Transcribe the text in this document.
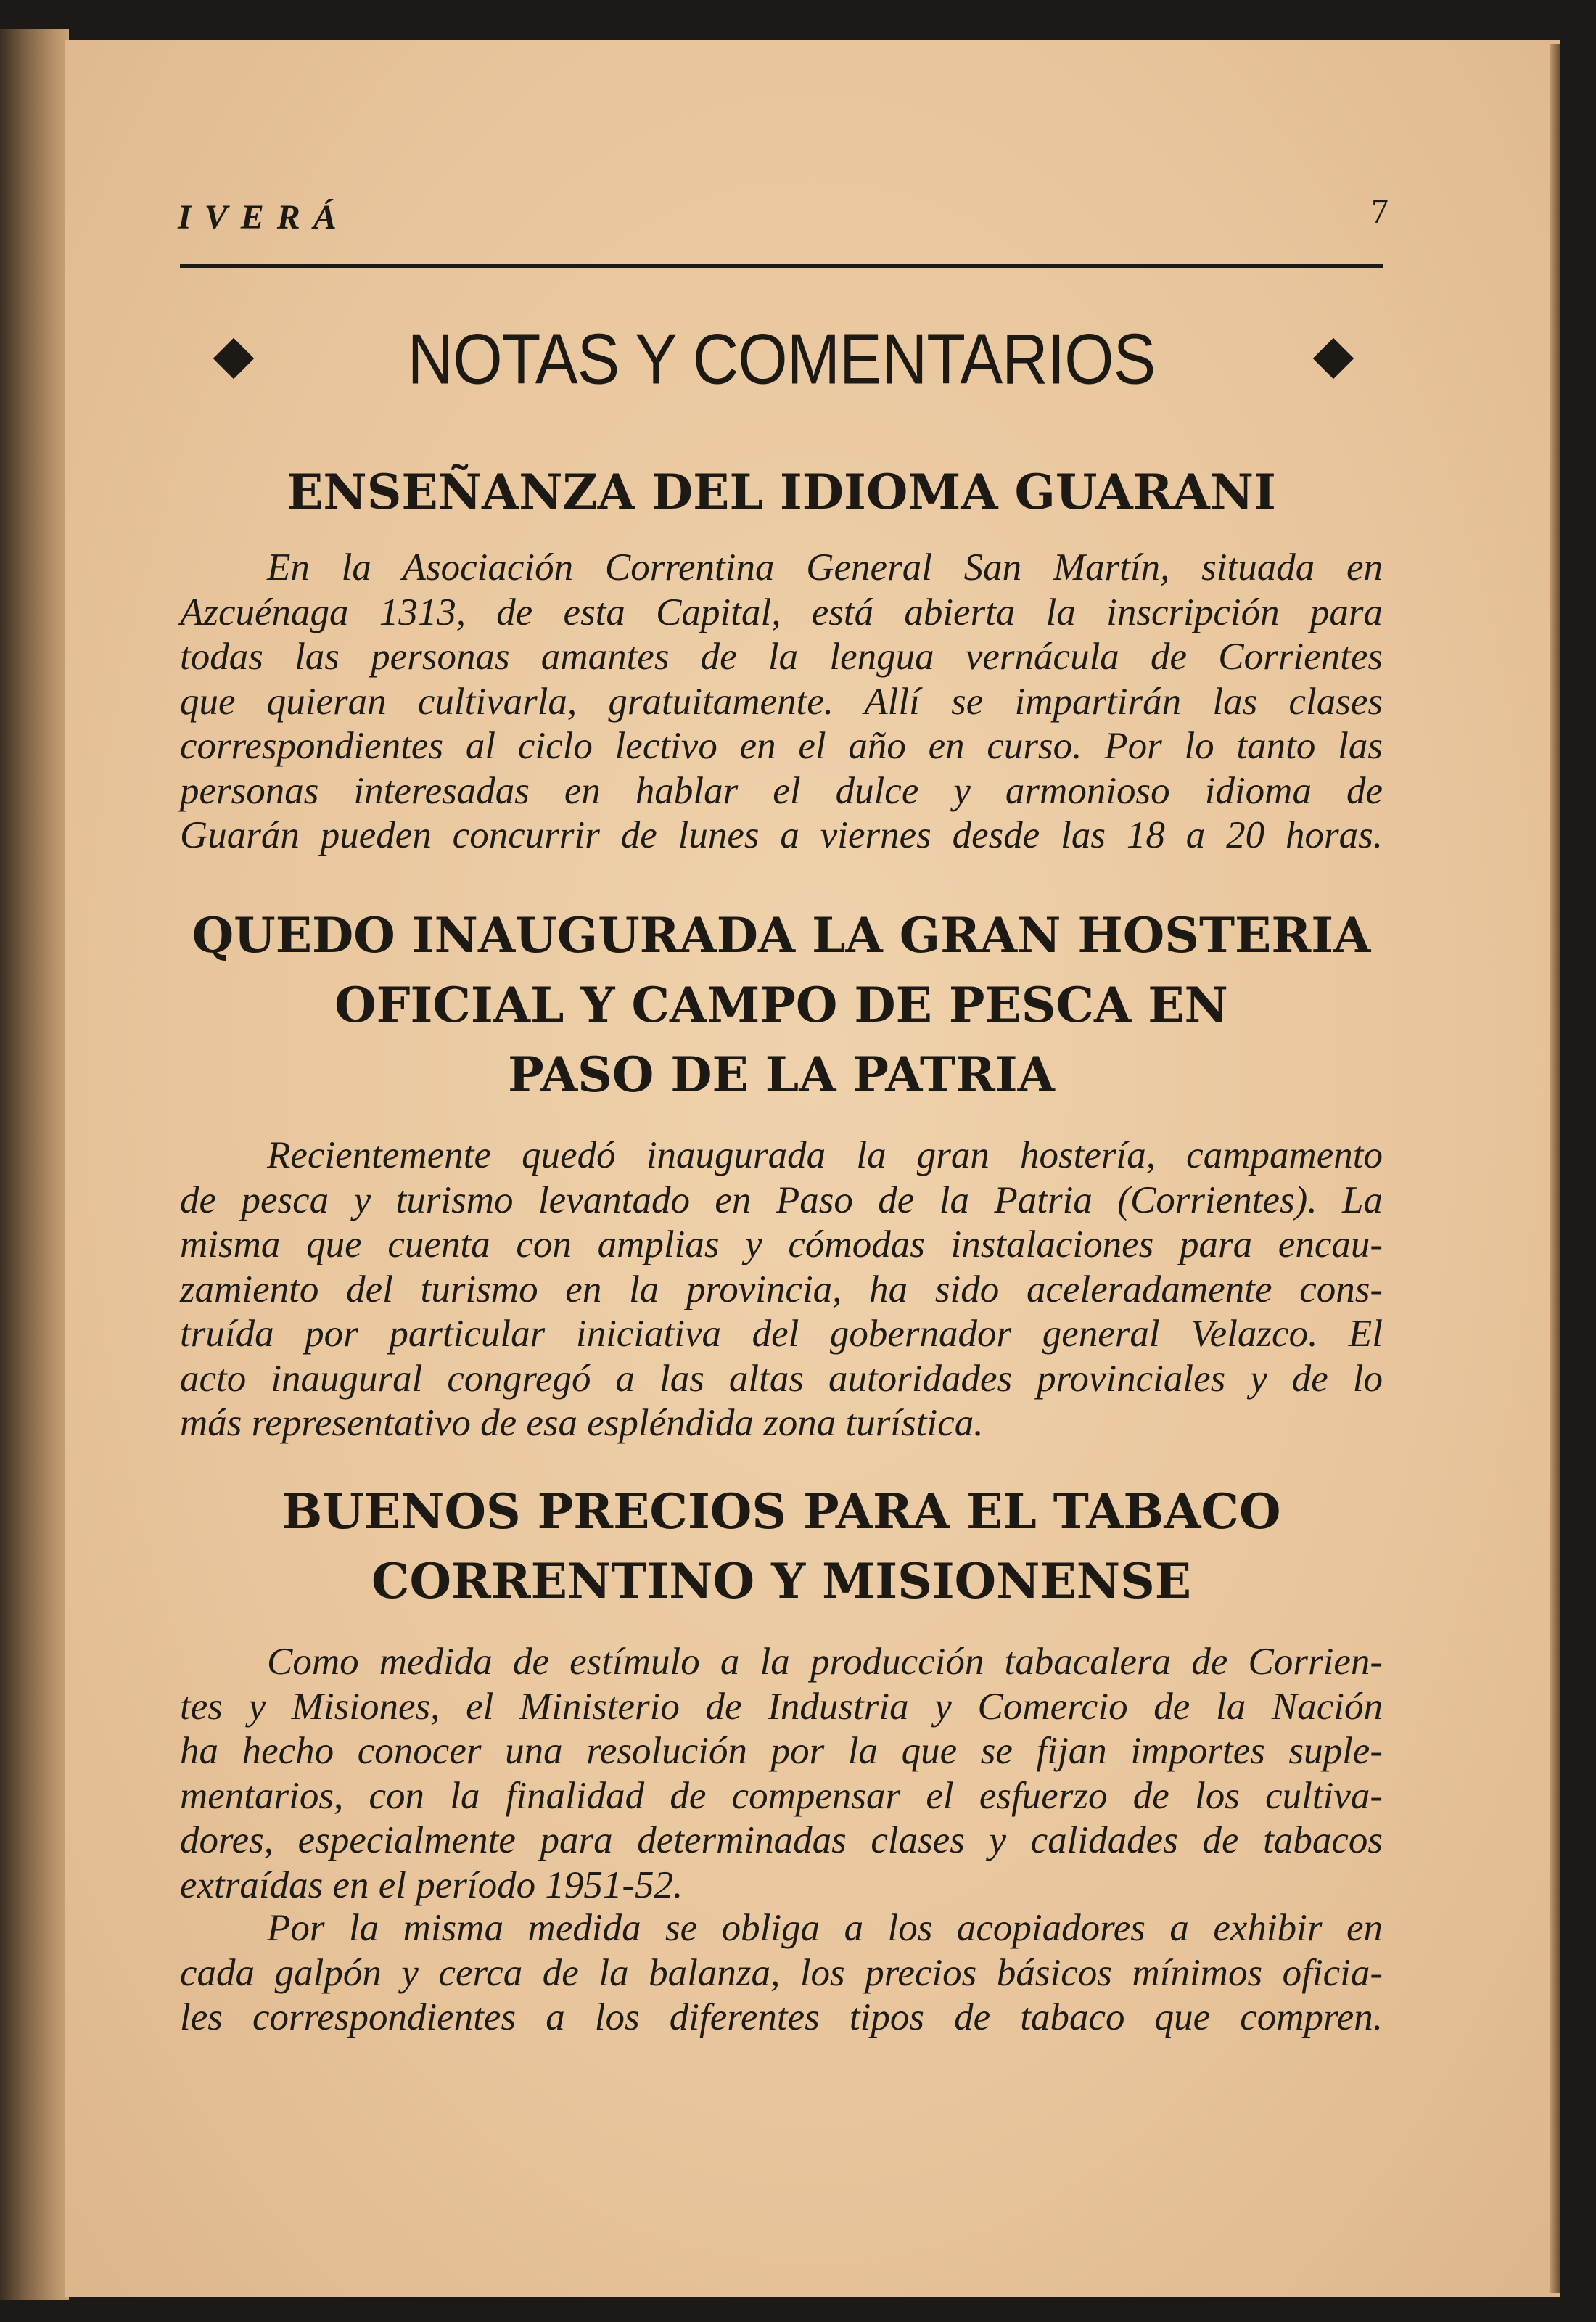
IVERÁ	7
NOTAS Y COMENTARIOS
ENSEÑANZA DEL IDIOMA GUARANI
En la Asociación Correntina General San Martín, situada en
Azcuénaga 1313, de esta Capital, está abierta la inscripción para
todas las personas amantes de la lengua vernácula de Corrientes
que quieran cultivarla, gratuitamente. Allí se impartirán las clases
correspondientes al ciclo lectivo en el año en curso. Por lo tanto las
personas interesadas en hablar el dulce y armonioso idioma de
Guarán pueden concurrir de lunes a viernes desde las 18 a 20 horas.
QUEDO INAUGURADA LA GRAN HOSTERIA
OFICIAL Y CAMPO DE PESCA EN
PASO DE LA PATRIA
Recientemente quedó inaugurada la gran hostería, campamento
de pesca y turismo levantado en Paso de la Patria (Corrientes). La
misma que cuenta con amplias y cómodas instalaciones para encau-
zamiento del turismo en la provincia, ha sido aceleradamente cons-
truída por particular iniciativa del gobernador general Velazco. El
acto inaugural congregó a las altas autoridades provinciales y de lo
más representativo de esa espléndida zona turística.
BUENOS PRECIOS PARA EL TABACO
CORRENTINO Y MISIONENSE
Como medida de estímulo a la producción tabacalera de Corrien-
tes y Misiones, el Ministerio de Industria y Comercio de la Nación
ha hecho conocer una resolución por la que se fijan importes suple-
mentarios, con la finalidad de compensar el esfuerzo de los cultiva-
dores, especialmente para determinadas clases y calidades de tabacos
extraídas en el período 1951-52.
Por la misma medida se obliga a los acopiadores a exhibir en
cada galpón y cerca de la balanza, los precios básicos mínimos oficia-
les correspondientes a los diferentes tipos de tabaco que compren.
